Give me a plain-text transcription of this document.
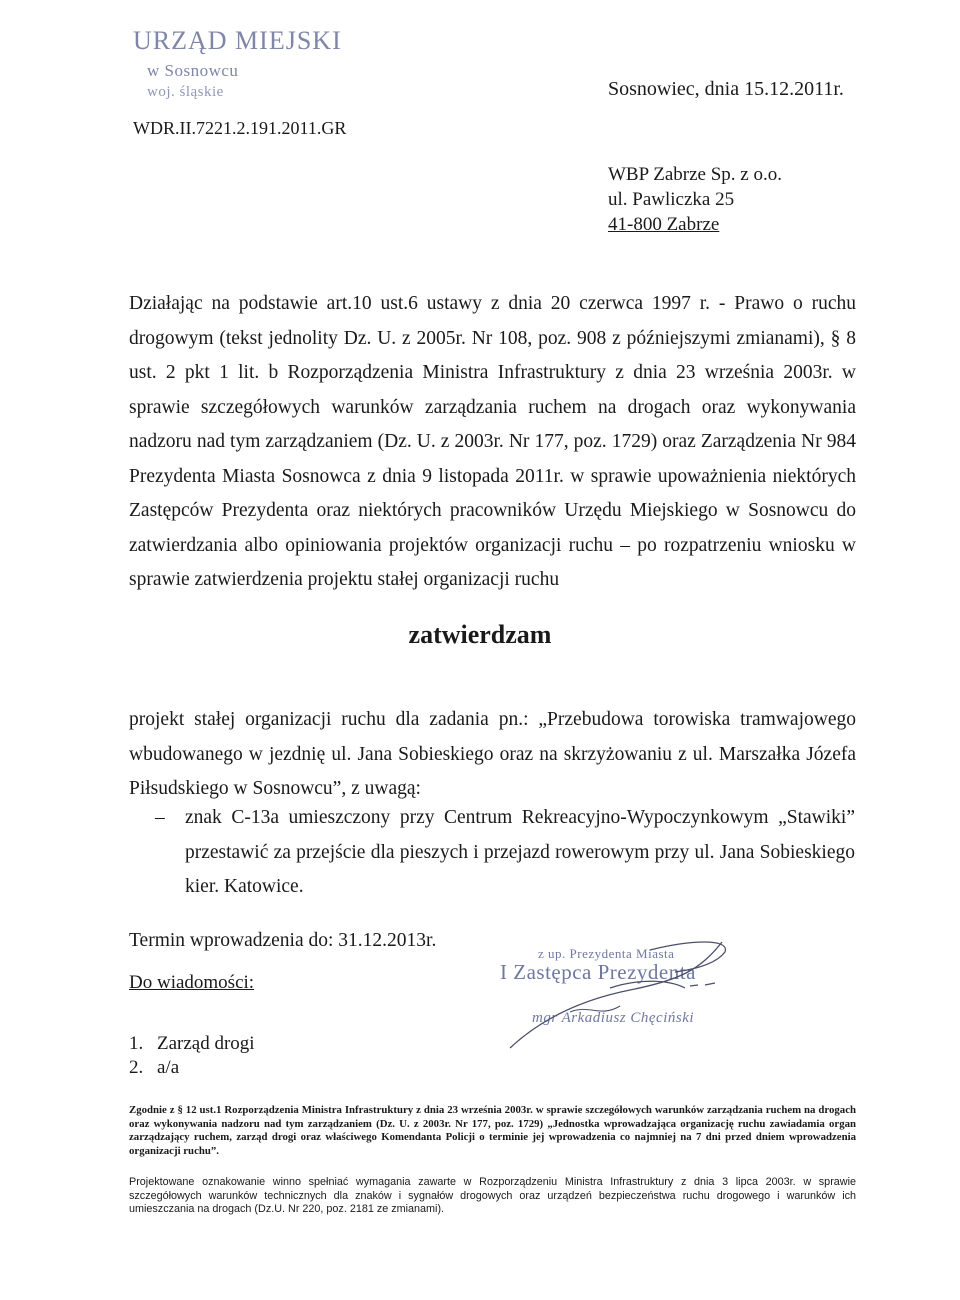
URZĄD MIEJSKI
w Sosnowcu
woj. śląskie
WDR.II.7221.2.191.2011.GR
Sosnowiec, dnia 15.12.2011r.
WBP Zabrze Sp. z o.o.
ul. Pawliczka 25
41-800 Zabrze

Działając na podstawie art.10 ust.6 ustawy z dnia 20 czerwca 1997 r. - Prawo o ruchu drogowym (tekst jednolity Dz. U. z 2005r. Nr 108, poz. 908 z późniejszymi zmianami), § 8 ust. 2 pkt 1 lit. b Rozporządzenia Ministra Infrastruktury z dnia 23 września 2003r. w sprawie szczegółowych warunków zarządzania ruchem na drogach oraz wykonywania nadzoru nad tym zarządzaniem (Dz. U. z 2003r. Nr 177, poz. 1729) oraz Zarządzenia Nr 984 Prezydenta Miasta Sosnowca z dnia 9 listopada 2011r. w sprawie upoważnienia niektórych Zastępców Prezydenta oraz niektórych pracowników Urzędu Miejskiego w Sosnowcu do zatwierdzania albo opiniowania projektów organizacji ruchu – po rozpatrzeniu wniosku w sprawie zatwierdzenia projektu stałej organizacji ruchu

zatwierdzam

projekt stałej organizacji ruchu dla zadania pn.: „Przebudowa torowiska tramwajowego wbudowanego w jezdnię ul. Jana Sobieskiego oraz na skrzyżowaniu z ul. Marszałka Józefa Piłsudskiego w Sosnowcu”, z uwagą:

–	znak C-13a umieszczony przy Centrum Rekreacyjno-Wypoczynkowym „Stawiki” przestawić za przejście dla pieszych i przejazd rowerowym przy ul. Jana Sobieskiego kier. Katowice.
Termin wprowadzenia do: 31.12.2013r.
Do wiadomości:
1. Zarząd drogi
2. a/a
z up. Prezydenta Miasta
I Zastępca Prezydenta
mgr Arkadiusz Chęciński
Zgodnie z § 12 ust.1 Rozporządzenia Ministra Infrastruktury z dnia 23 września 2003r. w sprawie szczegółowych warunków zarządzania ruchem na drogach oraz wykonywania nadzoru nad tym zarządzaniem (Dz. U. z 2003r. Nr 177, poz. 1729) „Jednostka wprowadzająca organizację ruchu zawiadamia organ zarządzający ruchem, zarząd drogi oraz właściwego Komendanta Policji o terminie jej wprowadzenia co najmniej na 7 dni przed dniem wprowadzenia organizacji ruchu”.
Projektowane oznakowanie winno spełniać wymagania zawarte w Rozporządzeniu Ministra Infrastruktury z dnia 3 lipca 2003r. w sprawie szczegółowych warunków technicznych dla znaków i sygnałów drogowych oraz urządzeń bezpieczeństwa ruchu drogowego i warunków ich umieszczania na drogach (Dz.U. Nr 220, poz. 2181 ze zmianami).
